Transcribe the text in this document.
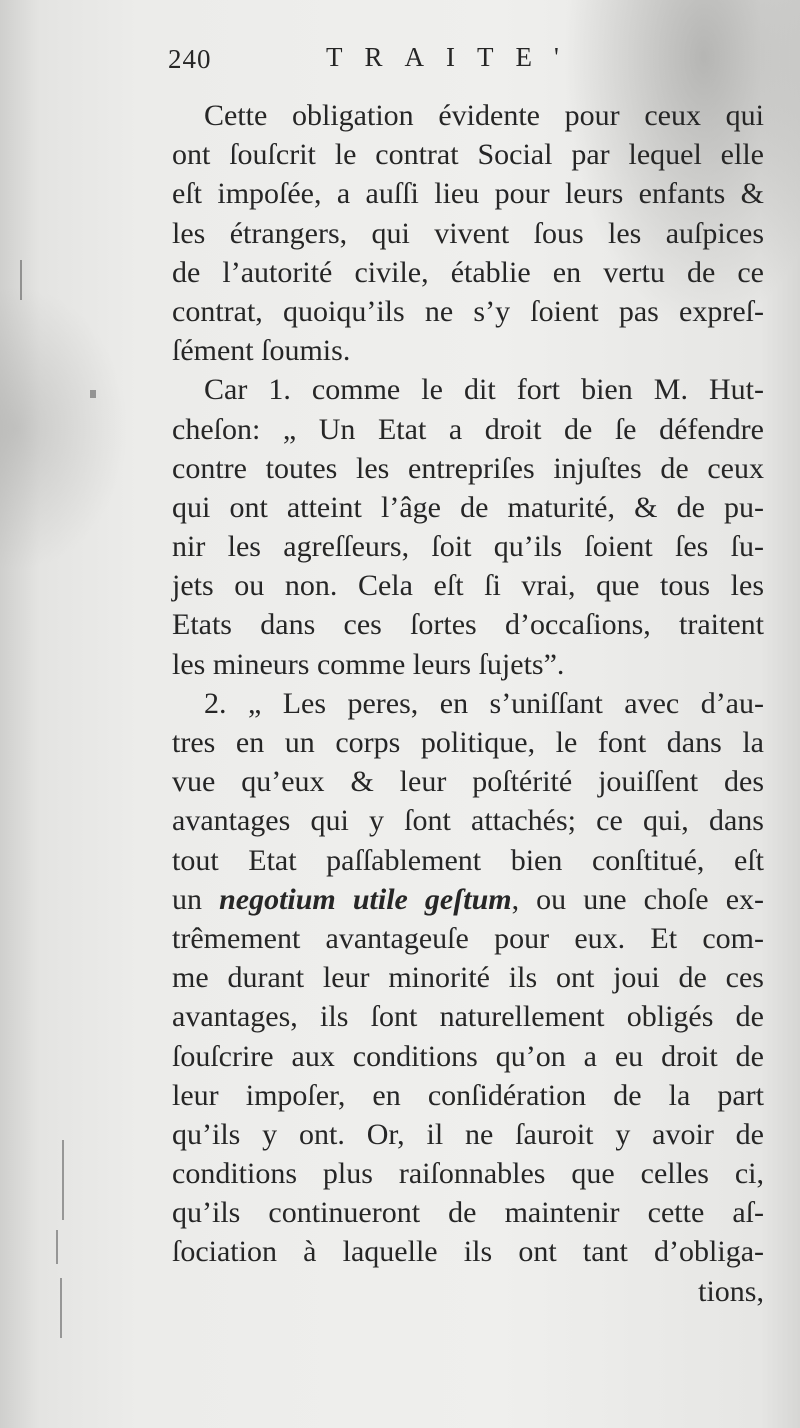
240	TRAITE'
Cette obligation évidente pour ceux qui
ont ſouſcrit le contrat Social par lequel elle
eſt impoſée, a auſſi lieu pour leurs enfants &
les étrangers, qui vivent ſous les auſpices
de l’autorité civile, établie en vertu de ce
contrat, quoiqu’ils ne s’y ſoient pas expreſ-
ſément ſoumis.
Car 1. comme le dit fort bien M. Hut-
cheſon: „ Un Etat a droit de ſe défendre
contre toutes les entrepriſes injuſtes de ceux
qui ont atteint l’âge de maturité, & de pu-
nir les agreſſeurs, ſoit qu’ils ſoient ſes ſu-
jets ou non. Cela eſt ſi vrai, que tous les
Etats dans ces ſortes d’occaſions, traitent
les mineurs comme leurs ſujets”.
2. „ Les peres, en s’uniſſant avec d’au-
tres en un corps politique, le font dans la
vue qu’eux & leur poſtérité jouiſſent des
avantages qui y ſont attachés; ce qui, dans
tout Etat paſſablement bien conſtitué, eſt
un negotium utile geſtum, ou une choſe ex-
trêmement avantageuſe pour eux. Et com-
me durant leur minorité ils ont joui de ces
avantages, ils ſont naturellement obligés de
ſouſcrire aux conditions qu’on a eu droit de
leur impoſer, en conſidération de la part
qu’ils y ont. Or, il ne ſauroit y avoir de
conditions plus raiſonnables que celles ci,
qu’ils continueront de maintenir cette aſ-
ſociation à laquelle ils ont tant d’obliga-
tions,
